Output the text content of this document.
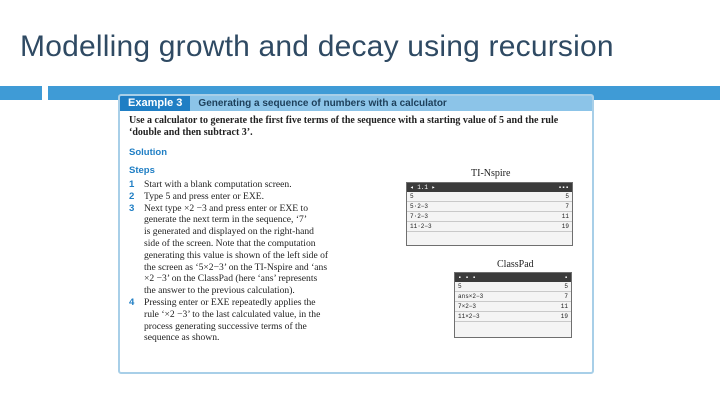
Modelling growth and decay using recursion
Example 3	Generating a sequence of numbers with a calculator
Use a calculator to generate the first five terms of the sequence with a starting value of 5 and the rule ‘double and then subtract 3’.
Solution
Steps
1	Start with a blank computation screen.

2	Type 5 and press enter or EXE.

3	Next type ×2 −3 and press enter or EXE to

generate the next term in the sequence, ‘7’

is generated and displayed on the right-hand

side of the screen. Note that the computation

generating this value is shown of the left side of

the screen as ‘5×2−3’ on the TI-Nspire and ‘ans

×2 −3’ on the ClassPad (here ‘ans’ represents

the answer to the previous calculation).

4	Pressing enter or EXE repeatedly applies the

rule ‘×2 −3’ to the last calculated value, in the

process generating successive terms of the

sequence as shown.

TI-Nspire
◂ 1.1 ▸	▪▪▪
5	5
5·2−3	7
7·2−3	11
11·2−3	19
ClassPad
▪ ▪ ▪	▪
5	5
ans×2−3	7
7×2−3	11
11×2−3	19
